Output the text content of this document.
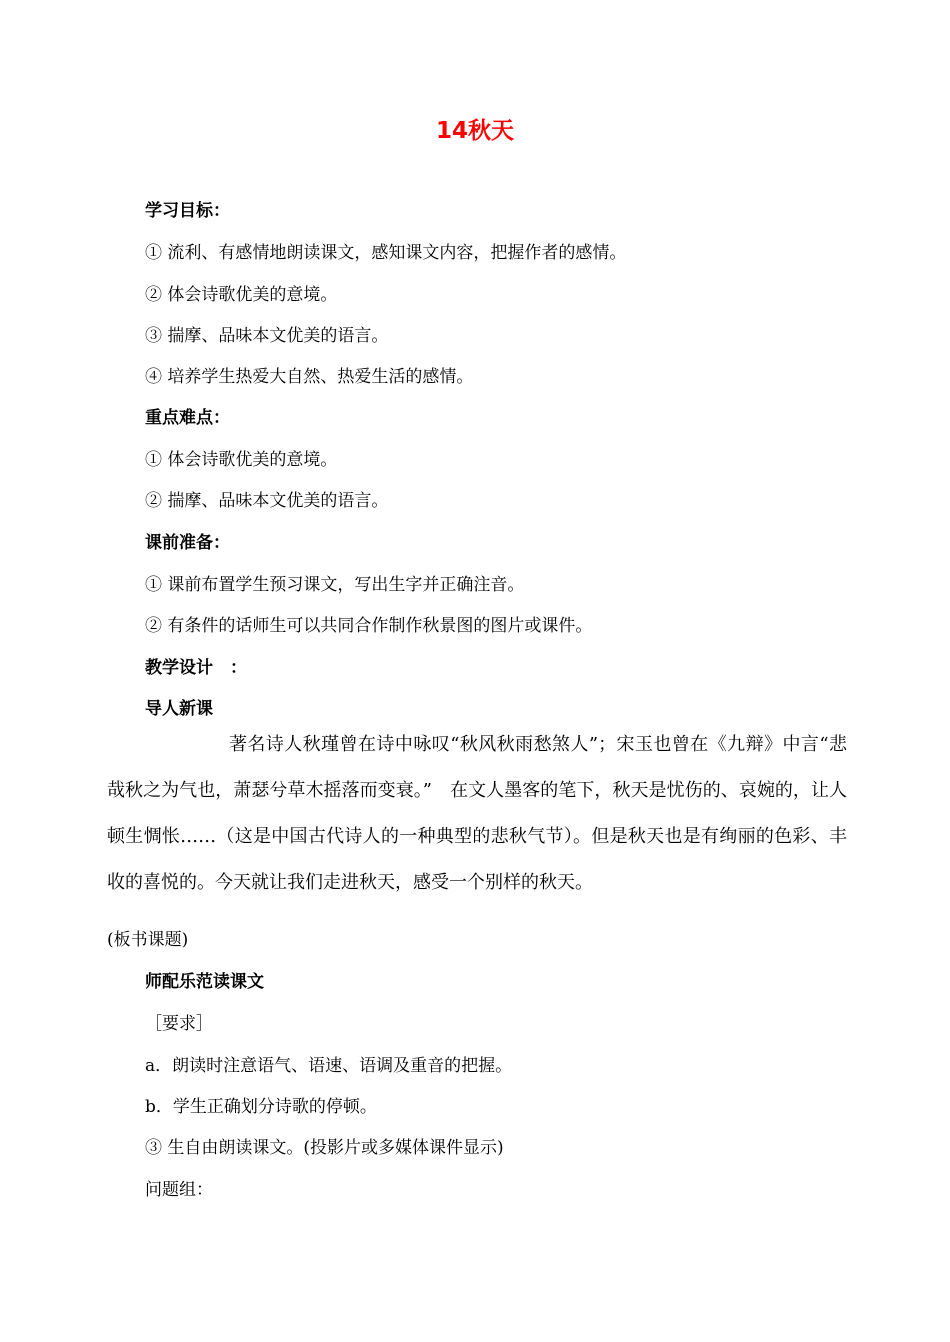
14秋天
学习目标：
① 流利、有感情地朗读课文，感知课文内容，把握作者的感情。
② 体会诗歌优美的意境。
③ 揣摩、品味本文优美的语言。
④ 培养学生热爱大自然、热爱生活的感情。
重点难点：
① 体会诗歌优美的意境。
② 揣摩、品味本文优美的语言。
课前准备：
① 课前布置学生预习课文，写出生字并正确注音。
② 有条件的话师生可以共同合作制作秋景图的图片或课件。
教学设计　：
导人新课
著名诗人秋瑾曾在诗中咏叹“秋风秋雨愁煞人”；宋玉也曾在《九辩》中言“悲哉秋之为气也，萧瑟兮草木摇落而变衰。”　在文人墨客的笔下，秋天是忧伤的、哀婉的，让人顿生惆怅……（这是中国古代诗人的一种典型的悲秋气节）。但是秋天也是有绚丽的色彩、丰收的喜悦的。今天就让我们走进秋天，感受一个别样的秋天。
(板书课题)
师配乐范读课文
［要求］
a．朗读时注意语气、语速、语调及重音的把握。
b．学生正确划分诗歌的停顿。
③ 生自由朗读课文。(投影片或多媒体课件显示)
问题组：
